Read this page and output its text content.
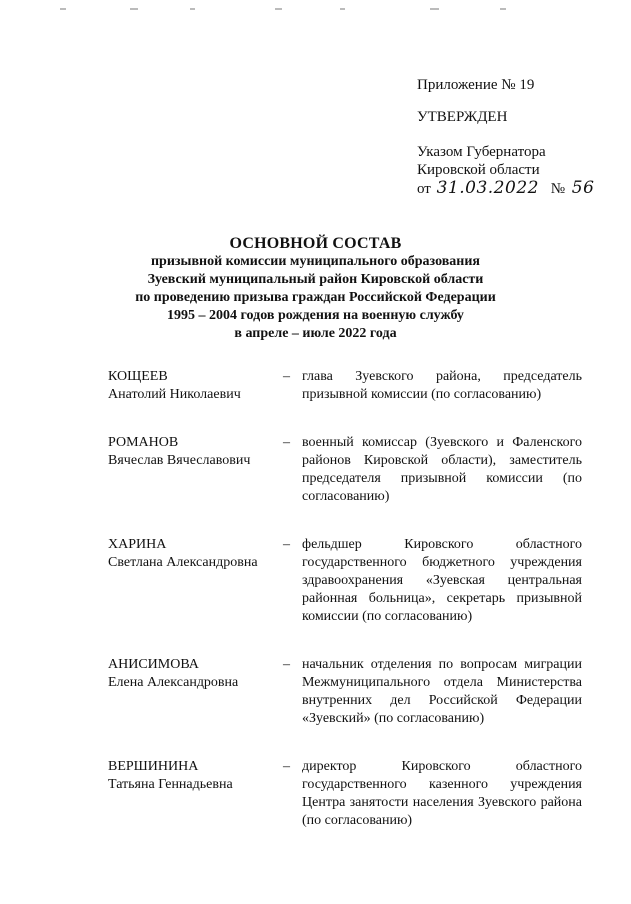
Приложение № 19
УТВЕРЖДЕН
Указом Губернатора
Кировской области
от 31.03.2022 № 56
ОСНОВНОЙ СОСТАВ
призывной комиссии муниципального образования
Зуевский муниципальный район Кировской области
по проведению призыва граждан Российской Федерации
1995 – 2004 годов рождения на военную службу
в апреле – июле 2022 года
КОЩЕЕВ
Анатолий Николаевич
– глава Зуевского района, председатель призывной комиссии (по согласованию)
РОМАНОВ
Вячеслав Вячеславович
– военный комиссар (Зуевского и Фаленского районов Кировской области), заместитель председателя призывной комиссии (по согласованию)
ХАРИНА
Светлана Александровна
– фельдшер Кировского областного государственного бюджетного учреждения здравоохранения «Зуевская центральная районная больница», секретарь призывной комиссии (по согласованию)
АНИСИМОВА
Елена Александровна
– начальник отделения по вопросам миграции Межмуниципального отдела Министерства внутренних дел Российской Федерации «Зуевский» (по согласованию)
ВЕРШИНИНА
Татьяна Геннадьевна
– директор Кировского областного государственного казенного учреждения Центра занятости населения Зуевского района (по согласованию)
